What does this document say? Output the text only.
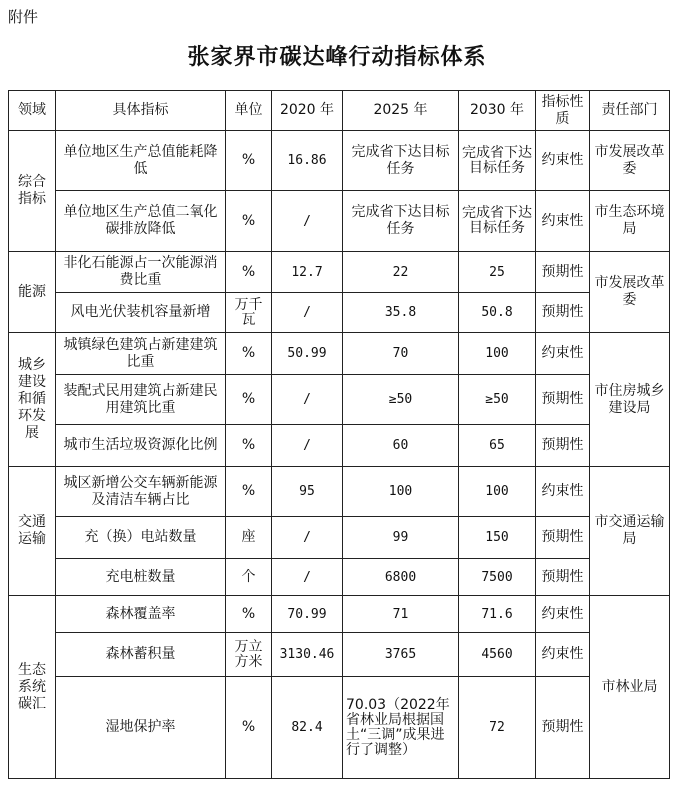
附件
张家界市碳达峰行动指标体系
领域	具体指标	单位	2020 年	2025 年	2030 年	指标性质	责任部门
综合指标	单位地区生产总值能耗降低	%	16.86	完成省下达目标任务	完成省下达目标任务	约束性	市发展改革委
	单位地区生产总值二氧化碳排放降低	%	/	完成省下达目标任务	完成省下达目标任务	约束性	市生态环境局
能源	非化石能源占一次能源消费比重	%	12.7	22	25	预期性	市发展改革委
	风电光伏装机容量新增	万千瓦	/	35.8	50.8	预期性	
城乡建设和循环发展	城镇绿色建筑占新建建筑比重	%	50.99	70	100	约束性	市住房城乡建设局
	装配式民用建筑占新建民用建筑比重	%	/	≥50	≥50	预期性	
	城市生活垃圾资源化比例	%	/	60	65	预期性	
交通运输	城区新增公交车辆新能源及清洁车辆占比	%	95	100	100	约束性	市交通运输局
	充（换）电站数量	座	/	99	150	预期性	
	充电桩数量	个	/	6800	7500	预期性	
生态系统碳汇	森林覆盖率	%	70.99	71	71.6	约束性	市林业局
	森林蓄积量	万立方米	3130.46	3765	4560	约束性	
	湿地保护率	%	82.4	70.03（2022年省林业局根据国土“三调”成果进行了调整）	72	预期性	
